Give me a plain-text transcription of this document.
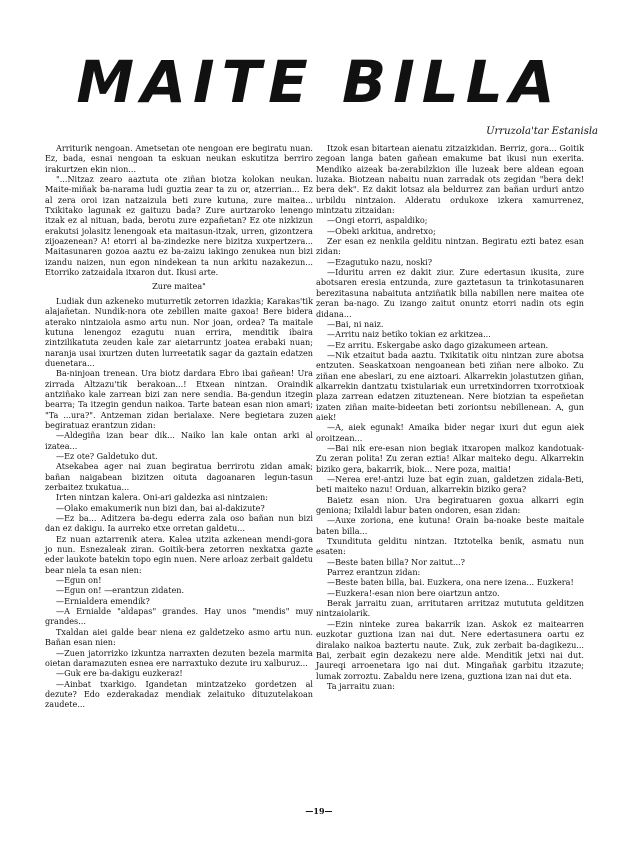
MAITE BILLA
Urruzola'tar Estanisla

Arriturik nengoan. Ametsetan ote nengoan ere begiratu nuan. Ez, bada, esnai nengoan ta eskuan neukan eskutitza berriro irakurtzen ekin nion...

"...Nitzaz zearo aaztuta ote ziñan biotza kolokan neukan. Maite-miñak ba-narama ludi guztia zear ta zu or, atzerrian... Ez al zera oroi izan natzaizula beti zure kutuna, zure maitea... Txikitako lagunak ez gaituzu bada? Zure aurtzaroko lenengo itzak ez al nituan, bada, berotu zure ezpañetan? Ez ote nizkizun erakutsi jolasitz lenengoak eta maitasun-itzak, urren, gizontzera zijoazenean? A! etorri al ba-zindezke nere bizitza xuxpertzera... Maitasunaren gozoa aaztu ez ba-zaizu iakingo zenukea nun bizi izandu naizen, nun egon nindekean ta nun arkitu nazakezun... Etorriko zatzaidala itxaron dut. Ikusi arte.

Zure maitea"

Ludiak dun azkeneko muturretik zetorren idazkia; Karakas'tik alajañetan. Nundik-nora ote zebillen maite gaxoa! Bere bidera aterako nintzaiola asmo artu nun. Nor joan, ordea? Ta maitale kutuna lenengoz ezagutu nuan errira, menditik ibaira zintzilikatuta zeuden kale zar aietarruntz joatea erabaki nuan; naranja usai ixurtzen duten lurreetatik sagar da gaztain edatzen duenetara...

Ba-ninjoan trenean. Ura biotz dardara Ebro ibai gañean! Ura zirrada Altzazu'tik berakoan...! Etxean nintzan. Oraindik antziñako kale zarrean bizi zan nere sendia. Ba-gendun itzegin bearra; Ta itzegin gendun naikoa. Tarte batean esan nion amari; "Ta ...ura?". Antzeman zidan berialaxe. Nere begietara zuzen begiratuaz erantzun zidan:

—Aldegiña izan bear dik... Naiko lan kale ontan arki al izatea...

—Ez ote? Galdetuko dut.

Atsekabea ager nai zuan begiratua berrirotu zidan amak; bañan naigabean bizitzen oituta dagoanaren legun-tasun zerbaitez txukatua...

Irten nintzan kalera. Oni-ari galdezka asi nintzaien:

—Olako emakumerik nun bizi dan, bai al-dakizute?

—Ez ba... Aditzera ba-degu ederra zala oso bañan nun bizi dan ez dakigu. Ia aurreko etxe orretan galdetu...

Ez nuan aztarrenik atera. Kalea utzita azkenean mendi-gora jo nun. Esnezaleak ziran. Goitik-bera zetorren nexkatxa gazte eder laukote batekin topo egin nuen. Nere arloaz zerbait galdetu bear niela ta esan nien:

—Egun on!

—Egun on! —erantzun zidaten.

—Ernialdera emendik?

—A Ernialde "aldapas" grandes. Hay unos "mendis" muy grandes...

Txaldan aiei galde bear niena ez galdetzeko asmo artu nun. Bañan esan nien:

—Zuen jatorrizko izkuntza narraxten dezuten bezela marmita oietan daramazuten esnea ere narraxtuko dezute iru xalburuz...

—Guk ere ba-dakigu euzkeraz!

—Ainbat txarkigo. Igandetan mintzatzeko gordetzen al dezute? Edo ezderakadaz mendiak zelaituko dituzutelakoan zaudete...

Itzok esan bitartean aienatu zitzaizkidan. Berriz, gora... Goitik zegoan langa baten gañean emakume bat ikusi nun exerita. Mendiko aizeak ba-zerabilzkion ille luzeak bere aldean egoan luzaka. Biotzean nabaitu nuan zarradak ots zegidan "bera dek! bera dek". Ez dakit lotsaz ala beldurrez zan bañan urduri antzo urbildu nintzaion. Alderatu ordukoxe izkera xamurrenez, mintzatu zitzaidan:

—Ongi etorri, aspaldiko;

—Obeki arkitua, andretxo;

Zer esan ez nenkila gelditu nintzan. Begiratu ezti batez esan zidan:

—Ezagutuko nazu, noski?

—Iduritu arren ez dakit ziur. Zure edertasun ikusita, zure abotsaren eresia entzunda, zure gaztetasun ta trinkotasunaren berezitasuna nabaituta antziñatik billa nabillen nere maitea ote zeran ba-nago. Zu izango zaitut onuntz etorri nadin ots egin didana...

—Bai, ni naiz.

—Arritu naiz betiko tokian ez arkitzea...

—Ez arritu. Eskergabe asko dago gizakumeen artean.

—Nik etzaitut bada aaztu. Txikitatik oitu nintzan zure abotsa entzuten. Seaskatxoan nengoanean beti ziñan nere alboko. Zu ziñan ene abeslari, zu ene aiztoari. Alkarrekin jolastutzen giñan, alkarrekin dantzatu txistulariak eun urretxindorren txorrotxioak plaza zarrean edatzen zituztenean. Nere biotzian ta espeñetan izaten ziñan maite-bideetan beti zoriontsu nebillenean. A, gun aiek!

—A, aiek egunak! Amaika bider negar ixuri dut egun aiek oroitzean...

—Bai nik ere-esan nion begiak itxaropen malkoz kandotuak-Zu zeran polita! Zu zeran eztia! Alkar maiteko degu. Alkarrekin biziko gera, bakarrik, biok... Nere poza, maitia!

—Nerea ere!-antzi luze bat egin zuan, galdetzen zidala-Beti, beti maiteko nazu! Orduan, alkarrekin biziko gera?

Baietz esan nion. Ura begiratuaren goxua alkarri egin geniona; Ixilaldi labur baten ondoren, esan zidan:

—Auxe zoriona, ene kutuna! Orain ba-noake beste maitale baten billa...

Txunditutа gelditu nintzan. Itztotelka benik, asmatu nun esaten:

—Beste baten billa? Nor zaitut...?

Parrez erantzun zidan:

—Beste baten billa, bai. Euzkera, ona nere izena... Euzkera!

—Euzkera!-esan nion bere oiartzun antzo.

Berak jarraitu zuan, arritutaren arritzaz mutututa gelditzen nintzaiolarik.

—Ezin ninteke zurea bakarrik izan. Askok ez maitearren euzkotar guztiona izan nai dut. Nere edertasunera oartu ez diralako naikoa baztertu naute. Zuk, zuk zerbait ba-dagikezu... Bai, zerbait egin dezakezu nere alde. Menditik jetxi nai dut. Jaureqi arroenetara igo nai dut. Mingañak garbitu itzazute; lumak zorroztu. Zabaldu nere izena, guztiona izan nai dut eta.

Ta jarraitu zuan:

—19—
